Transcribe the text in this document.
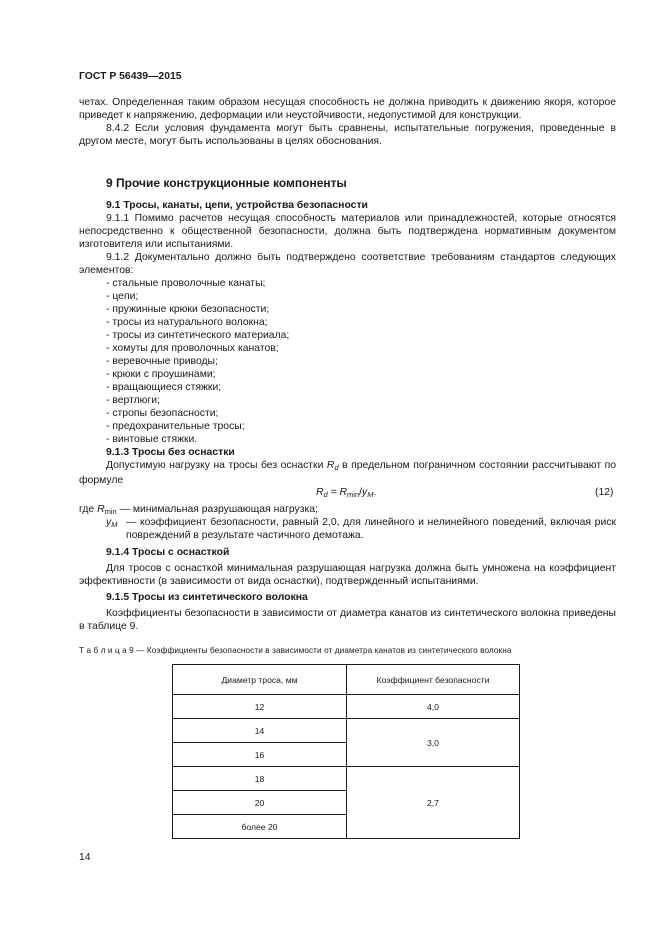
ГОСТ Р 56439—2015
четах. Определенная таким образом несущая способность не должна приводить к движению якоря, которое приведет к напряжению, деформации или неустойчивости, недопустимой для конструкции.
8.4.2 Если условия фундамента могут быть сравнены, испытательные погружения, проведенные в другом месте, могут быть использованы в целях обоснования.
9 Прочие конструкционные компоненты
9.1 Тросы, канаты, цепи, устройства безопасности
9.1.1 Помимо расчетов несущая способность материалов или принадлежностей, которые относятся непосредственно к общественной безопасности, должна быть подтверждена нормативным документом изготовителя или испытаниями.
9.1.2 Документально должно быть подтверждено соответствие требованиям стандартов следующих элементов:
- стальные проволочные канаты;
- цепи;
- пружинные крюки безопасности;
- тросы из натурального волокна;
- тросы из синтетического материала;
- хомуты для проволочных канатов;
- веревочные приводы;
- крюки с проушинами;
- вращающиеся стяжки;
- вертлюги;
- стропы безопасности;
- предохранительные тросы;
- винтовые стяжки.
9.1.3 Тросы без оснастки
Допустимую нагрузку на тросы без оснастки $R_d$ в предельном пограничном состоянии рассчитывают по формуле
$R_d = R_{min}/y_M$.	(12)
где $R_{min}$ — минимальная разрушающая нагрузка;
$y_M$ — коэффициент безопасности, равный 2,0, для линейного и нелинейного поведений, включая риск повреждений в результате частичного демотажа.
9.1.4 Тросы с оснасткой
Для тросов с оснасткой минимальная разрушающая нагрузка должна быть умножена на коэффициент эффективности (в зависимости от вида оснастки), подтвержденный испытаниями.
9.1.5 Тросы из синтетического волокна
Коэффициенты безопасности в зависимости от диаметра канатов из синтетического волокна приведены в таблице 9.
Т а б л и ц а 9 — Коэффициенты безопасности в зависимости от диаметра канатов из синтетического волокна
Диаметр троса, мм	Коэффициент безопасности
12	4,0
14	3,0
16	
18	2,7
20	
более 20	
14
